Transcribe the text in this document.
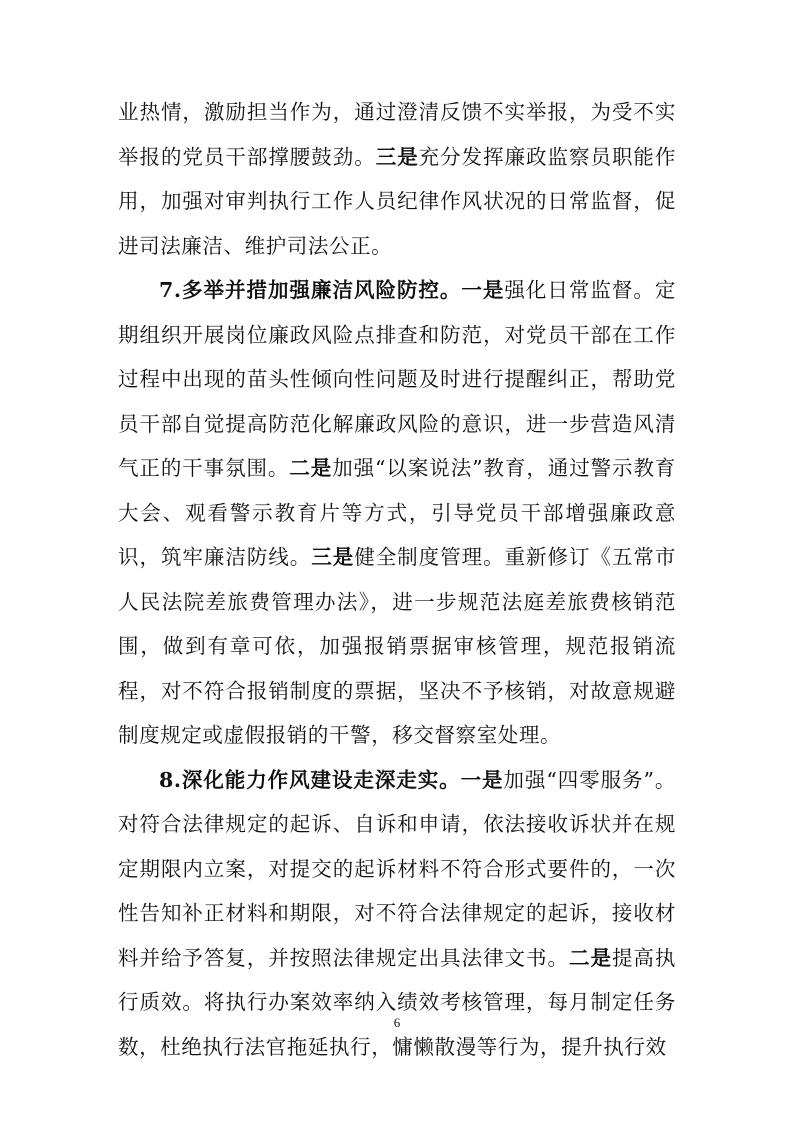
业热情，激励担当作为，通过澄清反馈不实举报，为受不实举报的党员干部撑腰鼓劲。三是充分发挥廉政监察员职能作用，加强对审判执行工作人员纪律作风状况的日常监督，促进司法廉洁、维护司法公正。

7.多举并措加强廉洁风险防控。一是强化日常监督。定期组织开展岗位廉政风险点排查和防范，对党员干部在工作过程中出现的苗头性倾向性问题及时进行提醒纠正，帮助党员干部自觉提高防范化解廉政风险的意识，进一步营造风清气正的干事氛围。二是加强“以案说法”教育，通过警示教育大会、观看警示教育片等方式，引导党员干部增强廉政意识，筑牢廉洁防线。三是健全制度管理。重新修订《五常市人民法院差旅费管理办法》，进一步规范法庭差旅费核销范围，做到有章可依，加强报销票据审核管理，规范报销流程，对不符合报销制度的票据，坚决不予核销，对故意规避制度规定或虚假报销的干警，移交督察室处理。

8.深化能力作风建设走深走实。一是加强“四零服务”。对符合法律规定的起诉、自诉和申请，依法接收诉状并在规定期限内立案，对提交的起诉材料不符合形式要件的，一次性告知补正材料和期限，对不符合法律规定的起诉，接收材料并给予答复，并按照法律规定出具法律文书。二是提高执行质效。将执行办案效率纳入绩效考核管理，每月制定任务数，杜绝执行法官拖延执行，慵懒散漫等行为，提升执行效

6
